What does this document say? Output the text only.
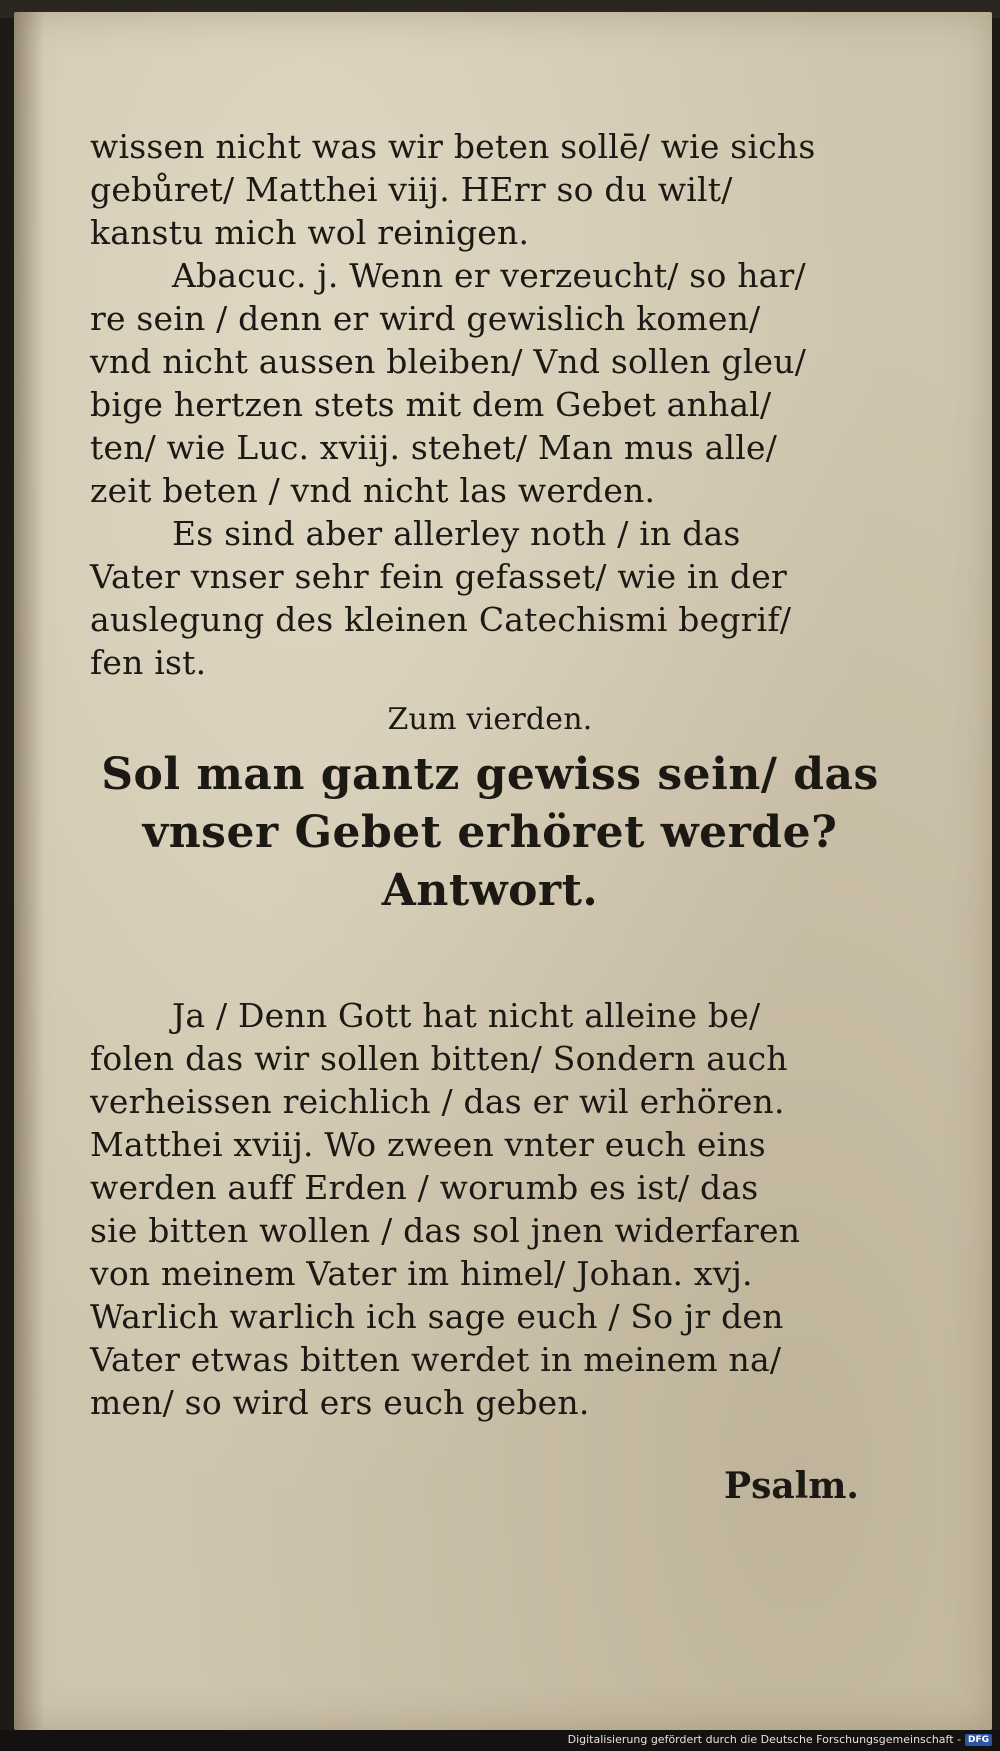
wissen nicht was wir beten sollē/ wie sichs
gebůret/ Matthei viij. HErr so du wilt/
kanstu mich wol reinigen.
Abacuc. j. Wenn er verzeucht/ so har/
re sein / denn er wird gewislich komen/
vnd nicht aussen bleiben/ Vnd sollen gleu/
bige hertzen stets mit dem Gebet anhal/
ten/ wie Luc. xviij. stehet/ Man mus alle/
zeit beten / vnd nicht las werden.
Es sind aber allerley noth / in das
Vater vnser sehr fein gefasset/ wie in der
auslegung des kleinen Catechismi begrif/
fen ist.
Zum vierden.
Sol man gantz gewiss sein/ das
vnser Gebet erhöret werde?
Antwort.
Ja / Denn Gott hat nicht alleine be/
folen das wir sollen bitten/ Sondern auch
verheissen reichlich / das er wil erhören.
Matthei xviij. Wo zween vnter euch eins
werden auff Erden / worumb es ist/ das
sie bitten wollen / das sol jnen widerfaren
von meinem Vater im himel/ Johan. xvj.
Warlich warlich ich sage euch / So jr den
Vater etwas bitten werdet in meinem na/
men/ so wird ers euch geben.
Psalm.
Digitalisierung gefördert durch die Deutsche Forschungsgemeinschaft - DFG
